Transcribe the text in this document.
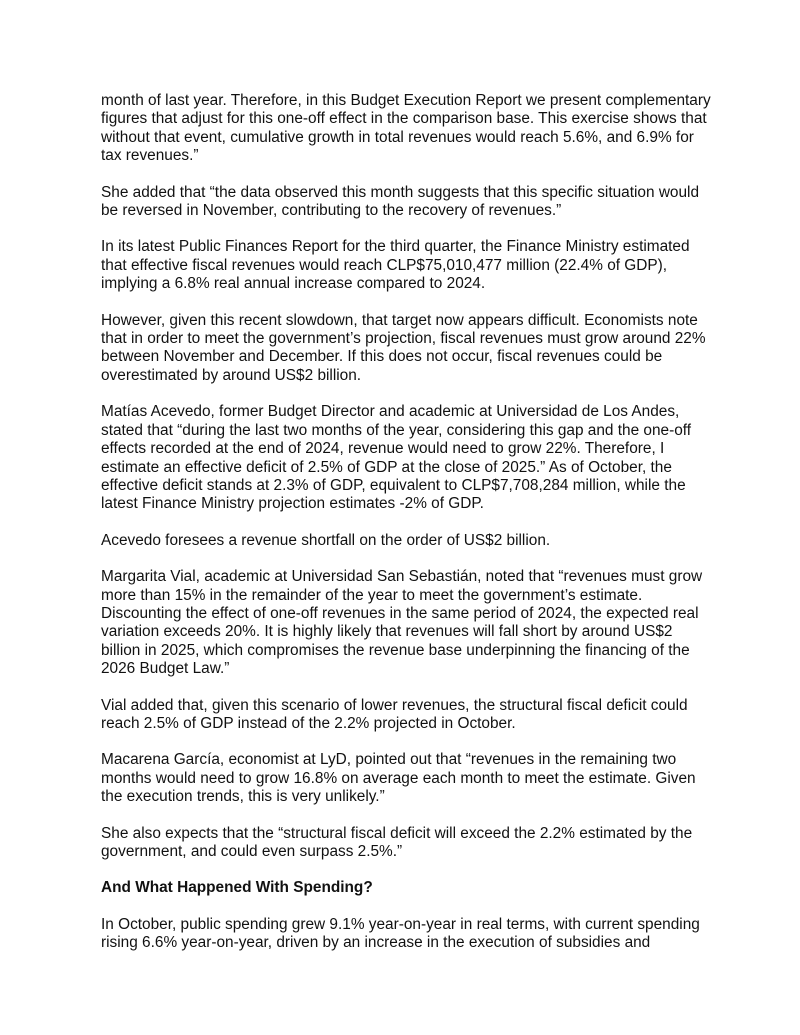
month of last year. Therefore, in this Budget Execution Report we present complementary figures that adjust for this one-off effect in the comparison base. This exercise shows that without that event, cumulative growth in total revenues would reach 5.6%, and 6.9% for tax revenues.”

She added that “the data observed this month suggests that this specific situation would be reversed in November, contributing to the recovery of revenues.”

In its latest Public Finances Report for the third quarter, the Finance Ministry estimated that effective fiscal revenues would reach CLP$75,010,477 million (22.4% of GDP), implying a 6.8% real annual increase compared to 2024.

However, given this recent slowdown, that target now appears difficult. Economists note that in order to meet the government’s projection, fiscal revenues must grow around 22% between November and December. If this does not occur, fiscal revenues could be overestimated by around US$2 billion.

Matías Acevedo, former Budget Director and academic at Universidad de Los Andes, stated that “during the last two months of the year, considering this gap and the one-off effects recorded at the end of 2024, revenue would need to grow 22%. Therefore, I estimate an effective deficit of 2.5% of GDP at the close of 2025.” As of October, the effective deficit stands at 2.3% of GDP, equivalent to CLP$7,708,284 million, while the latest Finance Ministry projection estimates -2% of GDP.

Acevedo foresees a revenue shortfall on the order of US$2 billion.

Margarita Vial, academic at Universidad San Sebastián, noted that “revenues must grow more than 15% in the remainder of the year to meet the government’s estimate. Discounting the effect of one-off revenues in the same period of 2024, the expected real variation exceeds 20%. It is highly likely that revenues will fall short by around US$2 billion in 2025, which compromises the revenue base underpinning the financing of the 2026 Budget Law.”

Vial added that, given this scenario of lower revenues, the structural fiscal deficit could reach 2.5% of GDP instead of the 2.2% projected in October.

Macarena García, economist at LyD, pointed out that “revenues in the remaining two months would need to grow 16.8% on average each month to meet the estimate. Given the execution trends, this is very unlikely.”

She also expects that the “structural fiscal deficit will exceed the 2.2% estimated by the government, and could even surpass 2.5%.”

And What Happened With Spending?

In October, public spending grew 9.1% year-on-year in real terms, with current spending rising 6.6% year-on-year, driven by an increase in the execution of subsidies and
